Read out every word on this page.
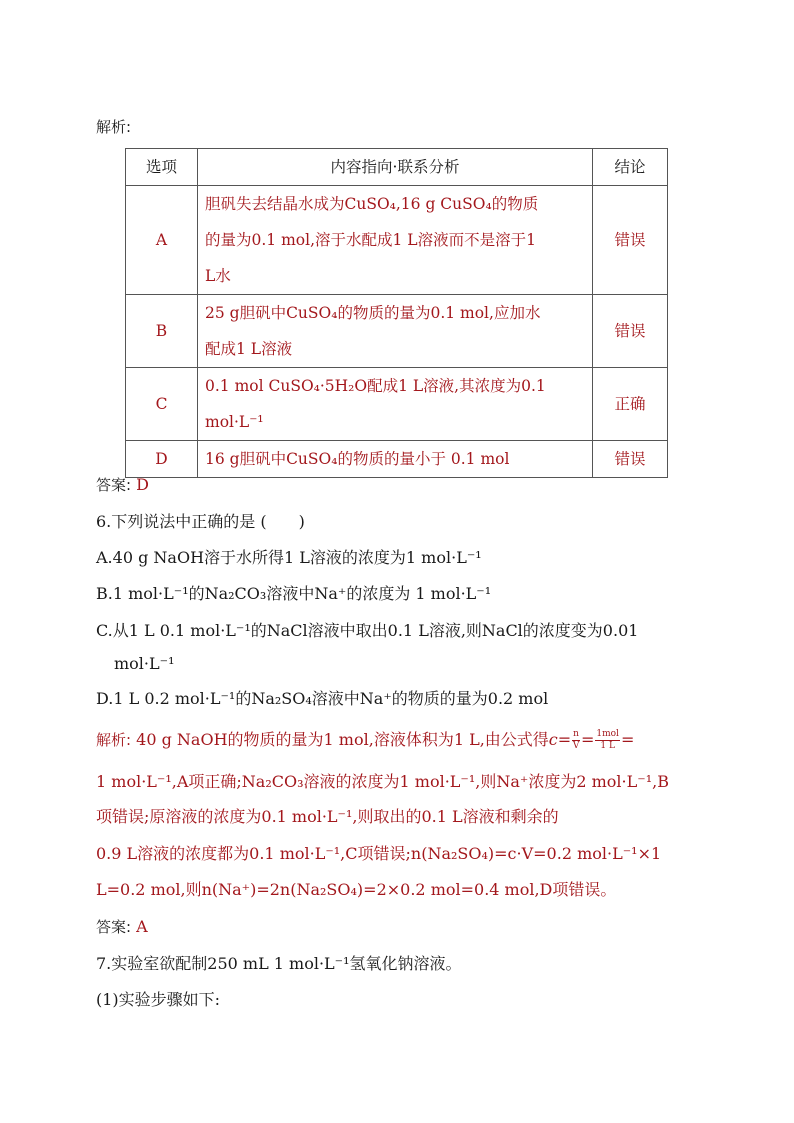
解析:
选项	内容指向·联系分析	结论
A	胆矾失去结晶水成为CuSO₄,16 g CuSO₄的物质
的量为0.1 mol,溶于水配成1 L溶液而不是溶于1
L水	错误
B	25 g胆矾中CuSO₄的物质的量为0.1 mol,应加水
配成1 L溶液	错误
C	0.1 mol CuSO₄·5H₂O配成1 L溶液,其浓度为0.1
mol·L⁻¹	正确
D	16 g胆矾中CuSO₄的物质的量小于 0.1 mol	错误
答案: D
6.下列说法中正确的是 (　　)
A.40 g NaOH溶于水所得1 L溶液的浓度为1 mol·L⁻¹
B.1 mol·L⁻¹的Na₂CO₃溶液中Na⁺的浓度为 1 mol·L⁻¹
C.从1 L 0.1 mol·L⁻¹的NaCl溶液中取出0.1 L溶液,则NaCl的浓度变为0.01
mol·L⁻¹
D.1 L 0.2 mol·L⁻¹的Na₂SO₄溶液中Na⁺的物质的量为0.2 mol
解析: 40 g NaOH的物质的量为1 mol,溶液体积为1 L,由公式得$c= \frac{n}{V} = \frac{\text{1mol}}{1 L}$ =
1 mol·L⁻¹,A项正确;Na₂CO₃溶液的浓度为1 mol·L⁻¹,则Na⁺浓度为2 mol·L⁻¹,B
项错误;原溶液的浓度为0.1 mol·L⁻¹,则取出的0.1 L溶液和剩余的
0.9 L溶液的浓度都为0.1 mol·L⁻¹,C项错误;n(Na₂SO₄)=c·V=0.2 mol·L⁻¹×1
L=0.2 mol,则n(Na⁺)=2n(Na₂SO₄)=2×0.2 mol=0.4 mol,D项错误。
答案: A
7.实验室欲配制250 mL 1 mol·L⁻¹氢氧化钠溶液。
(1)实验步骤如下:
